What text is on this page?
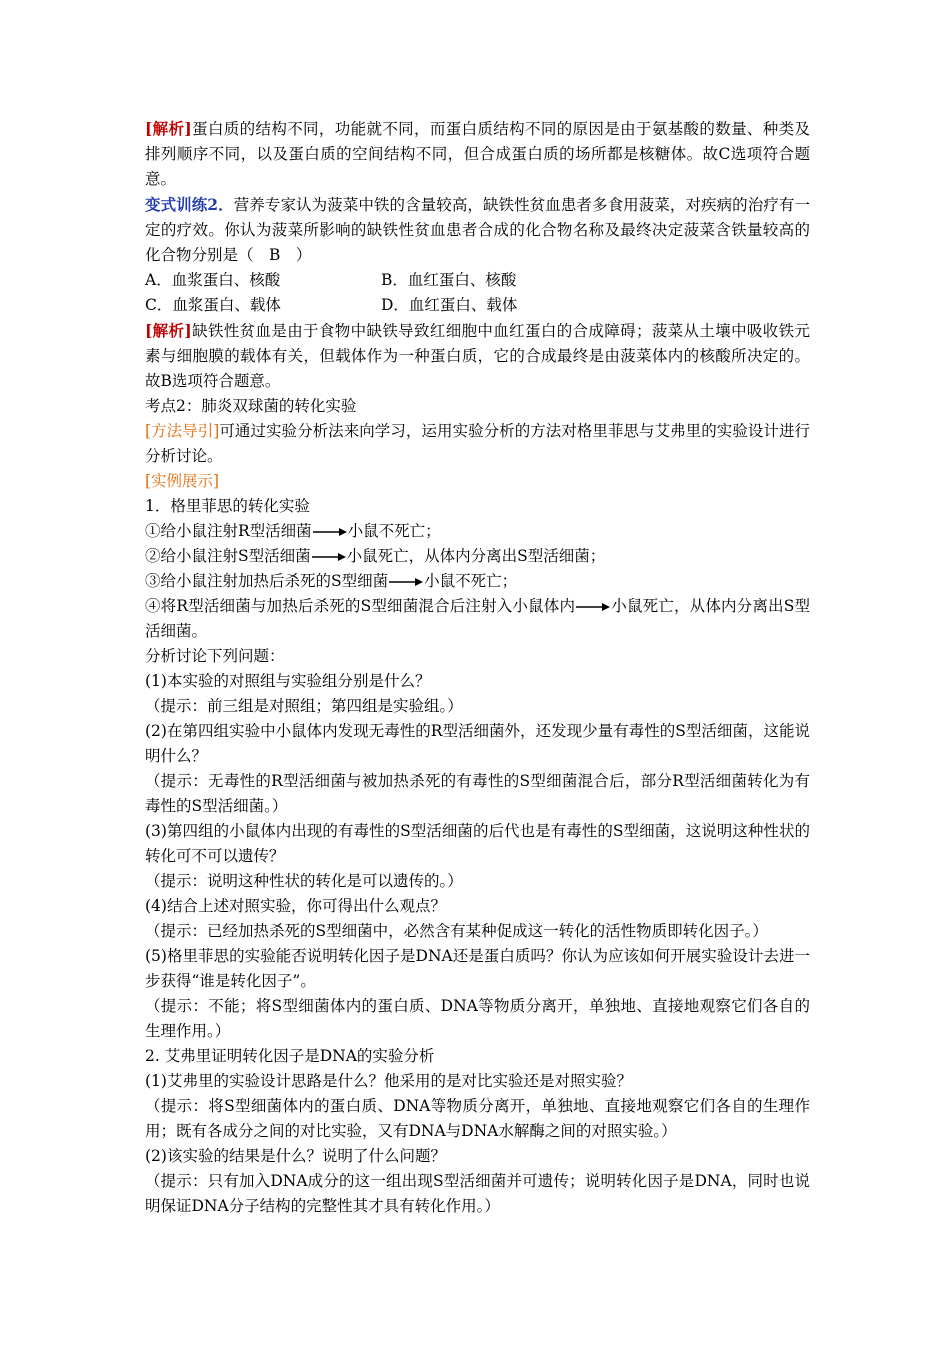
[解析]蛋白质的结构不同，功能就不同，而蛋白质结构不同的原因是由于氨基酸的数量、种类及排列顺序不同，以及蛋白质的空间结构不同，但合成蛋白质的场所都是核糖体。故C选项符合题意。

变式训练2．营养专家认为菠菜中铁的含量较高，缺铁性贫血患者多食用菠菜，对疾病的治疗有一定的疗效。你认为菠菜所影响的缺铁性贫血患者合成的化合物名称及最终决定菠菜含铁量较高的化合物分别是（　B　）

A．血浆蛋白、核酸	B．血红蛋白、核酸
C．血浆蛋白、载体	D．血红蛋白、载体

[解析]缺铁性贫血是由于食物中缺铁导致红细胞中血红蛋白的合成障碍；菠菜从土壤中吸收铁元素与细胞膜的载体有关，但载体作为一种蛋白质，它的合成最终是由菠菜体内的核酸所决定的。故B选项符合题意。

考点2：肺炎双球菌的转化实验

[方法导引]可通过实验分析法来向学习，运用实验分析的方法对格里菲思与艾弗里的实验设计进行分析讨论。

[实例展示]

1．格里菲思的转化实验

①给小鼠注射R型活细菌 小鼠不死亡；

②给小鼠注射S型活细菌 小鼠死亡，从体内分离出S型活细菌；

③给小鼠注射加热后杀死的S型细菌 小鼠不死亡；

④将R型活细菌与加热后杀死的S型细菌混合后注射入小鼠体内 小鼠死亡，从体内分离出S型活细菌。

分析讨论下列问题：

(1)本实验的对照组与实验组分别是什么？

（提示：前三组是对照组；第四组是实验组。）

(2)在第四组实验中小鼠体内发现无毒性的R型活细菌外，还发现少量有毒性的S型活细菌，这能说明什么？

（提示：无毒性的R型活细菌与被加热杀死的有毒性的S型细菌混合后，部分R型活细菌转化为有毒性的S型活细菌。）

(3)第四组的小鼠体内出现的有毒性的S型活细菌的后代也是有毒性的S型细菌，这说明这种性状的转化可不可以遗传？

（提示：说明这种性状的转化是可以遗传的。）

(4)结合上述对照实验，你可得出什么观点？

（提示：已经加热杀死的S型细菌中，必然含有某种促成这一转化的活性物质即转化因子。）

(5)格里菲思的实验能否说明转化因子是DNA还是蛋白质吗？你认为应该如何开展实验设计去进一步获得“谁是转化因子”。

（提示：不能；将S型细菌体内的蛋白质、DNA等物质分离开，单独地、直接地观察它们各自的生理作用。）

2. 艾弗里证明转化因子是DNA的实验分析

(1)艾弗里的实验设计思路是什么？他采用的是对比实验还是对照实验？

（提示：将S型细菌体内的蛋白质、DNA等物质分离开，单独地、直接地观察它们各自的生理作用；既有各成分之间的对比实验，又有DNA与DNA水解酶之间的对照实验。）

(2)该实验的结果是什么？说明了什么问题？

（提示：只有加入DNA成分的这一组出现S型活细菌并可遗传；说明转化因子是DNA，同时也说明保证DNA分子结构的完整性其才具有转化作用。）
